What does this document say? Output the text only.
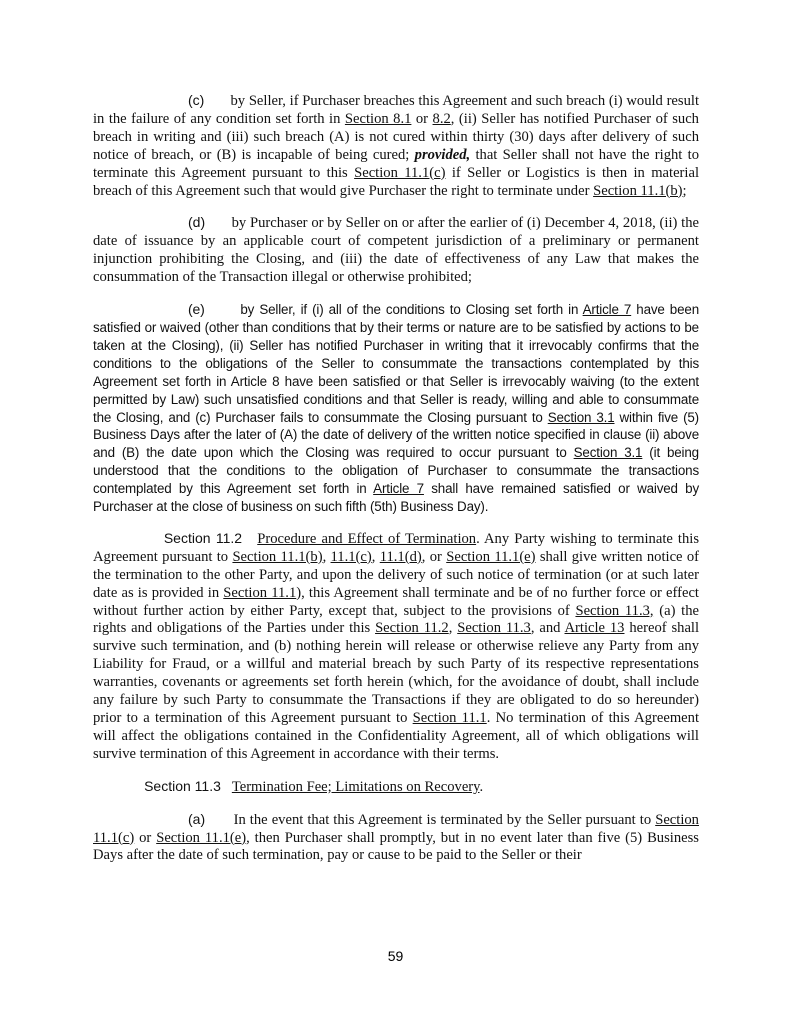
(c) by Seller, if Purchaser breaches this Agreement and such breach (i) would result in the failure of any condition set forth in Section 8.1 or 8.2, (ii) Seller has notified Purchaser of such breach in writing and (iii) such breach (A) is not cured within thirty (30) days after delivery of such notice of breach, or (B) is incapable of being cured; provided, that Seller shall not have the right to terminate this Agreement pursuant to this Section 11.1(c) if Seller or Logistics is then in material breach of this Agreement such that would give Purchaser the right to terminate under Section 11.1(b);

(d) by Purchaser or by Seller on or after the earlier of (i) December 4, 2018, (ii) the date of issuance by an applicable court of competent jurisdiction of a preliminary or permanent injunction prohibiting the Closing, and (iii) the date of effectiveness of any Law that makes the consummation of the Transaction illegal or otherwise prohibited;

(e)	by Seller, if (i) all of the conditions to Closing set forth in Article 7 have been satisfied or waived (other than conditions that by their terms or nature are to be satisfied by actions to be taken at the Closing), (ii) Seller has notified Purchaser in writing that it irrevocably confirms that the conditions to the obligations of the Seller to consummate the transactions contemplated by this Agreement set forth in Article 8 have been satisfied or that Seller is irrevocably waiving (to the extent permitted by Law) such unsatisfied conditions and that Seller is ready, willing and able to consummate the Closing, and (c) Purchaser fails to consummate the Closing pursuant to Section 3.1 within five (5) Business Days after the later of (A) the date of delivery of the written notice specified in clause (ii) above and (B) the date upon which the Closing was required to occur pursuant to Section 3.1 (it being understood that the conditions to the obligation of Purchaser to consummate the transactions contemplated by this Agreement set forth in Article 7 shall have remained satisfied or waived by Purchaser at the close of business on such fifth (5th) Business Day).

Section 11.2 Procedure and Effect of Termination. Any Party wishing to terminate this Agreement pursuant to Section 11.1(b), 11.1(c), 11.1(d), or Section 11.1(e) shall give written notice of the termination to the other Party, and upon the delivery of such notice of termination (or at such later date as is provided in Section 11.1), this Agreement shall terminate and be of no further force or effect without further action by either Party, except that, subject to the provisions of Section 11.3, (a) the rights and obligations of the Parties under this Section 11.2, Section 11.3, and Article 13 hereof shall survive such termination, and (b) nothing herein will release or otherwise relieve any Party from any Liability for Fraud, or a willful and material breach by such Party of its respective representations warranties, covenants or agreements set forth herein (which, for the avoidance of doubt, shall include any failure by such Party to consummate the Transactions if they are obligated to do so hereunder) prior to a termination of this Agreement pursuant to Section 11.1. No termination of this Agreement will affect the obligations contained in the Confidentiality Agreement, all of which obligations will survive termination of this Agreement in accordance with their terms.

Section 11.3 Termination Fee; Limitations on Recovery.

(a) In the event that this Agreement is terminated by the Seller pursuant to Section 11.1(c) or Section 11.1(e), then Purchaser shall promptly, but in no event later than five (5) Business Days after the date of such termination, pay or cause to be paid to the Seller or their

59
